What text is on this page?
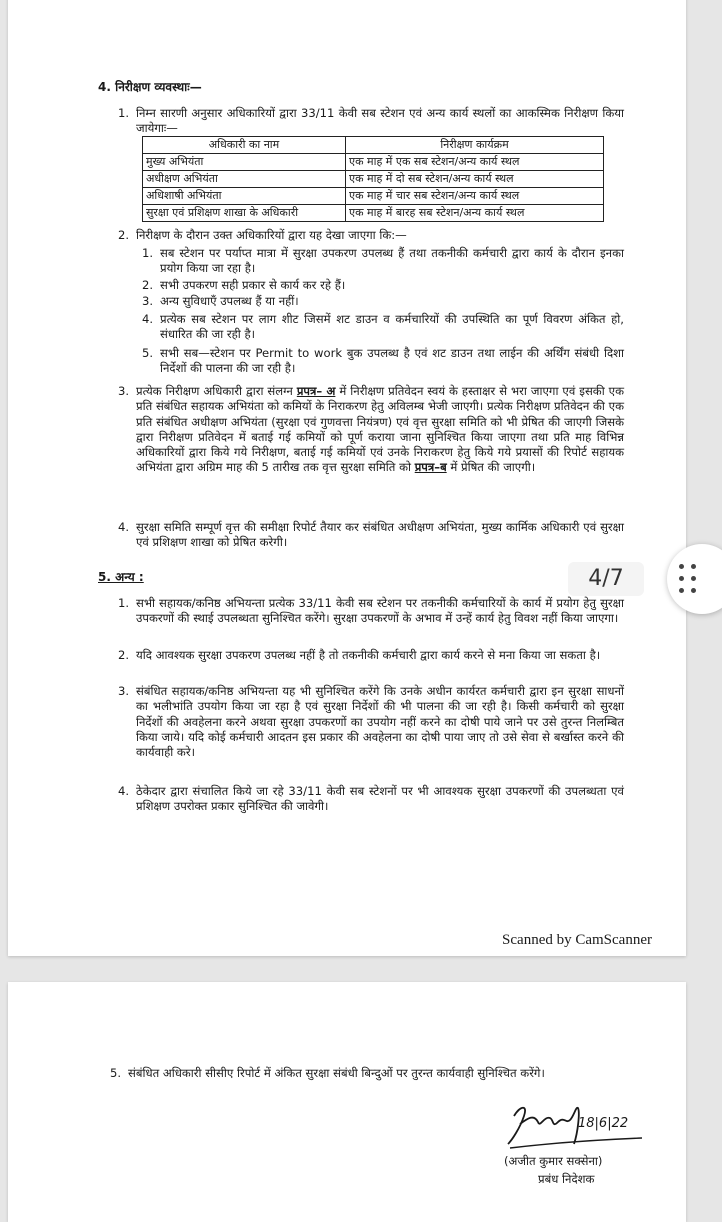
4. निरीक्षण व्यवस्थाः—
1. निम्न सारणी अनुसार अधिकारियों द्वारा 33/11 केवी सब स्टेशन एवं अन्य कार्य स्थलों का आकस्मिक निरीक्षण किया जायेगाः—
अधिकारी का नाम	निरीक्षण कार्यक्रम
मुख्य अभियंता	एक माह में एक सब स्टेशन/अन्य कार्य स्थल
अधीक्षण अभियंता	एक माह में दो सब स्टेशन/अन्य कार्य स्थल
अधिशाषी अभियंता	एक माह में चार सब स्टेशन/अन्य कार्य स्थल
सुरक्षा एवं प्रशिक्षण शाखा के अधिकारी	एक माह में बारह सब स्टेशन/अन्य कार्य स्थल
2. निरीक्षण के दौरान उक्त अधिकारियों द्वारा यह देखा जाएगा कि:—
1. सब स्टेशन पर पर्याप्त मात्रा में सुरक्षा उपकरण उपलब्ध हैं तथा तकनीकी कर्मचारी द्वारा कार्य के दौरान इनका प्रयोग किया जा रहा है।
2. सभी उपकरण सही प्रकार से कार्य कर रहे हैं।
3. अन्य सुविधाएँ उपलब्ध हैं या नहीं।
4. प्रत्येक सब स्टेशन पर लाग शीट जिसमें शट डाउन व कर्मचारियों की उपस्थिति का पूर्ण विवरण अंकित हो, संधारित की जा रही है।
5. सभी सब—स्टेशन पर Permit to work बुक उपलब्ध है एवं शट डाउन तथा लाईन की अर्थिंग संबंधी दिशा निर्देशों की पालना की जा रही है।
3. प्रत्येक निरीक्षण अधिकारी द्वारा संलग्न प्रपत्र– अ में निरीक्षण प्रतिवेदन स्वयं के हस्ताक्षर से भरा जाएगा एवं इसकी एक प्रति संबंधित सहायक अभियंता को कमियों के निराकरण हेतु अविलम्ब भेजी जाएगी। प्रत्येक निरीक्षण प्रतिवेदन की एक प्रति संबंधित अधीक्षण अभियंता (सुरक्षा एवं गुणवत्ता नियंत्रण) एवं वृत्त सुरक्षा समिति को भी प्रेषित की जाएगी जिसके द्वारा निरीक्षण प्रतिवेदन में बताई गई कमियों को पूर्ण कराया जाना सुनिश्चित किया जाएगा तथा प्रति माह विभिन्न अधिकारियों द्वारा किये गये निरीक्षण, बताई गई कमियों एवं उनके निराकरण हेतु किये गये प्रयासों की रिपोर्ट सहायक अभियंता द्वारा अग्रिम माह की 5 तारीख तक वृत्त सुरक्षा समिति को प्रपत्र–ब में प्रेषित की जाएगी।
4. सुरक्षा समिति सम्पूर्ण वृत्त की समीक्षा रिपोर्ट तैयार कर संबंधित अधीक्षण अभियंता, मुख्य कार्मिक अधिकारी एवं सुरक्षा एवं प्रशिक्षण शाखा को प्रेषित करेगी।
5. अन्य :
1. सभी सहायक/कनिष्ठ अभियन्ता प्रत्येक 33/11 केवी सब स्टेशन पर तकनीकी कर्मचारियों के कार्य में प्रयोग हेतु सुरक्षा उपकरणों की स्थाई उपलब्धता सुनिश्चित करेंगे। सुरक्षा उपकरणों के अभाव में उन्हें कार्य हेतु विवश नहीं किया जाएगा।
2. यदि आवश्यक सुरक्षा उपकरण उपलब्ध नहीं है तो तकनीकी कर्मचारी द्वारा कार्य करने से मना किया जा सकता है।
3. संबंधित सहायक/कनिष्ठ अभियन्ता यह भी सुनिश्चित करेंगे कि उनके अधीन कार्यरत कर्मचारी द्वारा इन सुरक्षा साधनों का भलीभांति उपयोग किया जा रहा है एवं सुरक्षा निर्देशों की भी पालना की जा रही है। किसी कर्मचारी को सुरक्षा निर्देशों की अवहेलना करने अथवा सुरक्षा उपकरणों का उपयोग नहीं करने का दोषी पाये जाने पर उसे तुरन्त निलम्बित किया जाये। यदि कोई कर्मचारी आदतन इस प्रकार की अवहेलना का दोषी पाया जाए तो उसे सेवा से बर्खास्त करने की कार्यवाही करे।
4. ठेकेदार द्वारा संचालित किये जा रहे 33/11 केवी सब स्टेशनों पर भी आवश्यक सुरक्षा उपकरणों की उपलब्धता एवं प्रशिक्षण उपरोक्त प्रकार सुनिश्चित की जावेगी।
Scanned by CamScanner
4/7
5. संबंधित अधिकारी सीसीए रिपोर्ट में अंकित सुरक्षा संबंधी बिन्दुओं पर तुरन्त कार्यवाही सुनिश्चित करेंगे।
18|6|22
(अजीत कुमार सक्सेना)
प्रबंध निदेशक
